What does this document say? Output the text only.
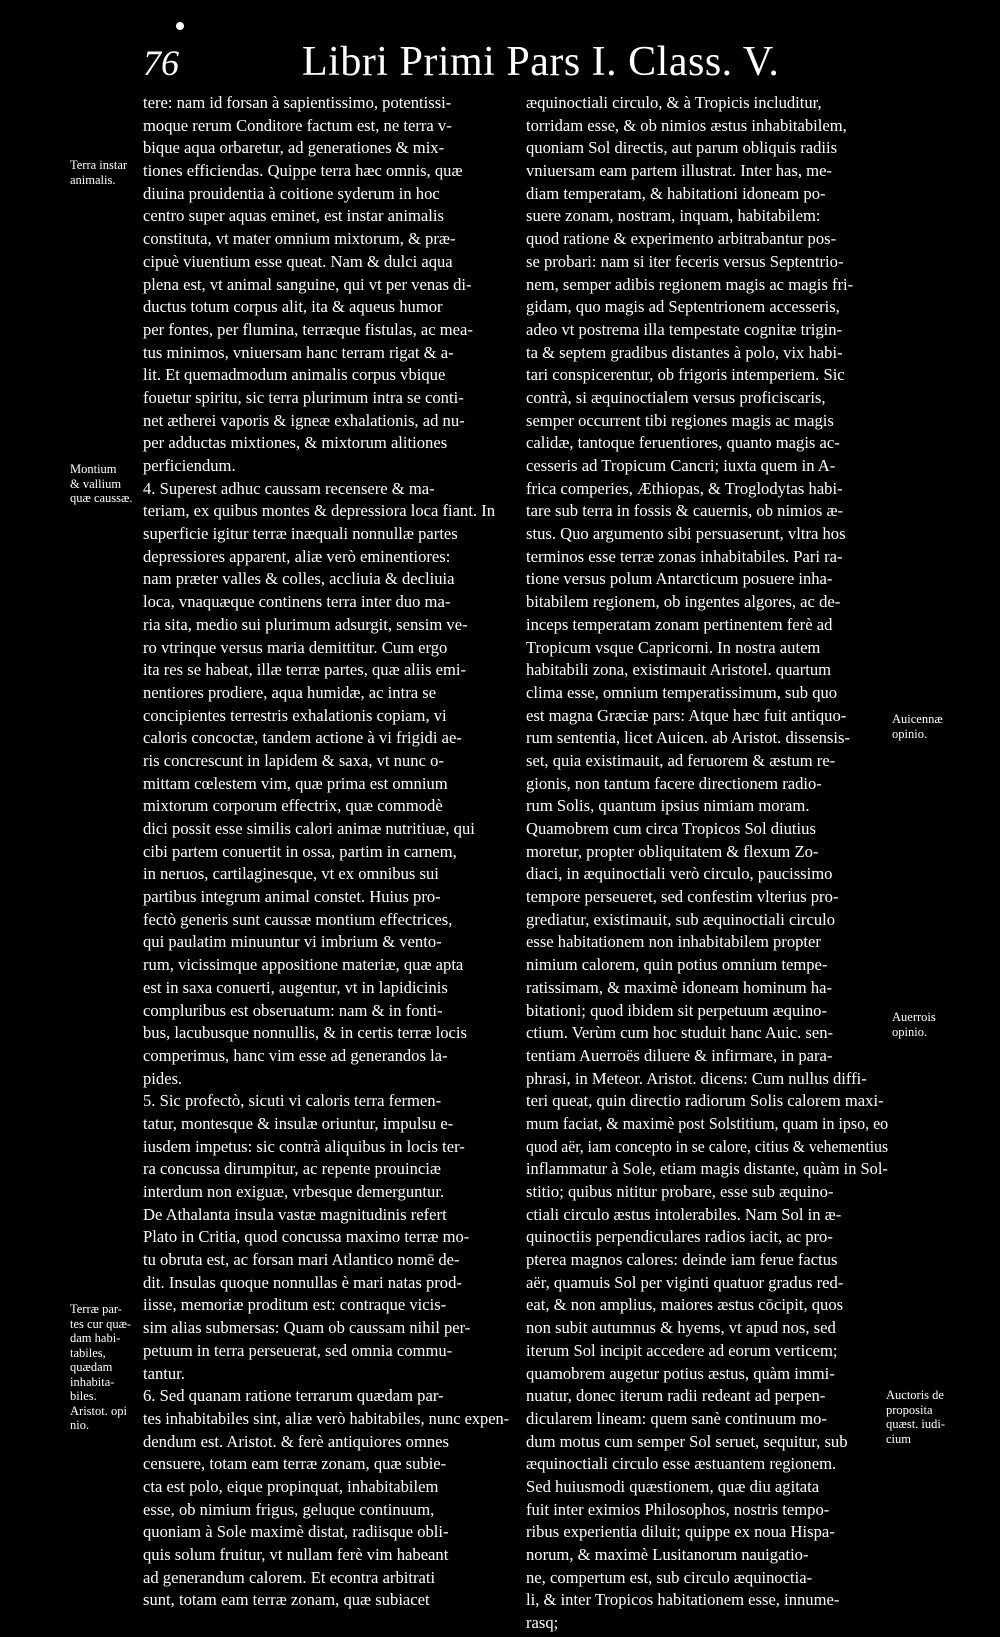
76	Libri Primi Pars I. Class. V.
tere: nam id forsan à sapientissimo, potentissi-
moque rerum Conditore factum est, ne terra v-
bique aqua orbaretur, ad generationes & mix-
tiones efficiendas. Quippe terra hæc omnis, quæ
diuina prouidentia à coitione syderum in hoc
centro super aquas eminet, est instar animalis
constituta, vt mater omnium mixtorum, & præ-
cipuè viuentium esse queat. Nam & dulci aqua
plena est, vt animal sanguine, qui vt per venas di-
ductus totum corpus alit, ita & aqueus humor
per fontes, per flumina, terræque fistulas, ac mea-
tus minimos, vniuersam hanc terram rigat & a-
lit. Et quemadmodum animalis corpus vbique
fouetur spiritu, sic terra plurimum intra se conti-
net ætherei vaporis & igneæ exhalationis, ad nu-
per adductas mixtiones, & mixtorum alitiones
perficiendum.
4. Superest adhuc caussam recensere & ma-
teriam, ex quibus montes & depressiora loca fiant. In
superficie igitur terræ inæquali nonnullæ partes
depressiores apparent, aliæ verò eminentiores:
nam præter valles & colles, accliuia & decliuia
loca, vnaquæque continens terra inter duo ma-
ria sita, medio sui plurimum adsurgit, sensim ve-
ro vtrinque versus maria demittitur. Cum ergo
ita res se habeat, illæ terræ partes, quæ aliis emi-
nentiores prodiere, aqua humidæ, ac intra se
concipientes terrestris exhalationis copiam, vi
caloris concoctæ, tandem actione à vi frigidi ae-
ris concrescunt in lapidem & saxa, vt nunc o-
mittam cœlestem vim, quæ prima est omnium
mixtorum corporum effectrix, quæ commodè
dici possit esse similis calori animæ nutritiuæ, qui
cibi partem conuertit in ossa, partim in carnem,
in neruos, cartilaginesque, vt ex omnibus sui
partibus integrum animal constet. Huius pro-
fectò generis sunt caussæ montium effectrices,
qui paulatim minuuntur vi imbrium & vento-
rum, vicissimque appositione materiæ, quæ apta
est in saxa conuerti, augentur, vt in lapidicinis
compluribus est obseruatum: nam & in fonti-
bus, lacubusque nonnullis, & in certis terræ locis
comperimus, hanc vim esse ad generandos la-
pides.
5. Sic profectò, sicuti vi caloris terra fermen-
tatur, montesque & insulæ oriuntur, impulsu e-
iusdem impetus: sic contrà aliquibus in locis ter-
ra concussa dirumpitur, ac repente prouinciæ
interdum non exiguæ, vrbesque demerguntur.
De Athalanta insula vastæ magnitudinis refert
Plato in Critia, quod concussa maximo terræ mo-
tu obruta est, ac forsan mari Atlantico nomē de-
dit. Insulas quoque nonnullas è mari natas prod-
iisse, memoriæ proditum est: contraque vicis-
sim alias submersas: Quam ob caussam nihil per-
petuum in terra perseuerat, sed omnia commu-
tantur.
6. Sed quanam ratione terrarum quædam par-
tes inhabitabiles sint, aliæ verò habitabiles, nunc expen-
dendum est. Aristot. & ferè antiquiores omnes
censuere, totam eam terræ zonam, quæ subie-
cta est polo, eique propinquat, inhabitabilem
esse, ob nimium frigus, geluque continuum,
quoniam à Sole maximè distat, radiisque obli-
quis solum fruitur, vt nullam ferè vim habeant
ad generandum calorem. Et econtra arbitrati
sunt, totam eam terræ zonam, quæ subiacet
æquinoctiali circulo, & à Tropicis includitur,
torridam esse, & ob nimios æstus inhabitabilem,
quoniam Sol directis, aut parum obliquis radiis
vniuersam eam partem illustrat. Inter has, me-
diam temperatam, & habitationi idoneam po-
suere zonam, nostram, inquam, habitabilem:
quod ratione & experimento arbitrabantur pos-
se probari: nam si iter feceris versus Septentrio-
nem, semper adibis regionem magis ac magis fri-
gidam, quo magis ad Septentrionem accesseris,
adeo vt postrema illa tempestate cognitæ trigin-
ta & septem gradibus distantes à polo, vix habi-
tari conspicerentur, ob frigoris intemperiem. Sic
contrà, si æquinoctialem versus proficiscaris,
semper occurrent tibi regiones magis ac magis
calidæ, tantoque feruentiores, quanto magis ac-
cesseris ad Tropicum Cancri; iuxta quem in A-
frica comperies, Æthiopas, & Troglodytas habi-
tare sub terra in fossis & cauernis, ob nimios æ-
stus. Quo argumento sibi persuaserunt, vltra hos
terminos esse terræ zonas inhabitabiles. Pari ra-
tione versus polum Antarcticum posuere inha-
bitabilem regionem, ob ingentes algores, ac de-
inceps temperatam zonam pertinentem ferè ad
Tropicum vsque Capricorni. In nostra autem
habitabili zona, existimauit Aristotel. quartum
clima esse, omnium temperatissimum, sub quo
est magna Græciæ pars: Atque hæc fuit antiquo-
rum sententia, licet Auicen. ab Aristot. dissensis-
set, quia existimauit, ad feruorem & æstum re-
gionis, non tantum facere directionem radio-
rum Solis, quantum ipsius nimiam moram.
Quamobrem cum circa Tropicos Sol diutius
moretur, propter obliquitatem & flexum Zo-
diaci, in æquinoctiali verò circulo, paucissimo
tempore perseueret, sed confestim vlterius pro-
grediatur, existimauit, sub æquinoctiali circulo
esse habitationem non inhabitabilem propter
nimium calorem, quin potius omnium tempe-
ratissimam, & maximè idoneam hominum ha-
bitationi; quod ibidem sit perpetuum æquino-
ctium. Verùm cum hoc studuit hanc Auic. sen-
tentiam Auerroës diluere & infirmare, in para-
phrasi, in Meteor. Aristot. dicens: Cum nullus diffi-
teri queat, quin directio radiorum Solis calorem maxi-
mum faciat, & maximè post Solstitium, quam in ipso, eo
quod aër, iam concepto in se calore, citius & vehementius
inflammatur à Sole, etiam magis distante, quàm in Sol-
stitio; quibus nititur probare, esse sub æquino-
ctiali circulo æstus intolerabiles. Nam Sol in æ-
quinoctiis perpendiculares radios iacit, ac pro-
pterea magnos calores: deinde iam ferue factus
aër, quamuis Sol per viginti quatuor gradus red-
eat, & non amplius, maiores æstus cōcipit, quos
non subit autumnus & hyems, vt apud nos, sed
iterum Sol incipit accedere ad eorum verticem;
quamobrem augetur potius æstus, quàm immi-
nuatur, donec iterum radii redeant ad perpen-
dicularem lineam: quem sanè continuum mo-
dum motus cum semper Sol seruet, sequitur, sub
æquinoctiali circulo esse æstuantem regionem.
Sed huiusmodi quæstionem, quæ diu agitata
fuit inter eximios Philosophos, nostris tempo-
ribus experientia diluit; quippe ex noua Hispa-
norum, & maximè Lusitanorum nauigatio-
ne, compertum est, sub circulo æquinoctia-
li, & inter Tropicos habitationem esse, innume-
rasq;
Terra instar
animalis.
Montium
& vallium
quæ caussæ.
Terræ par-
tes cur quæ-
dam habi-
tabiles,
quædam
inhabita-
biles.
Aristot. opi
nio.
Auicennæ
opinio.
Auerrois
opinio.
Auctoris de
proposita
quæst. iudi-
cium
